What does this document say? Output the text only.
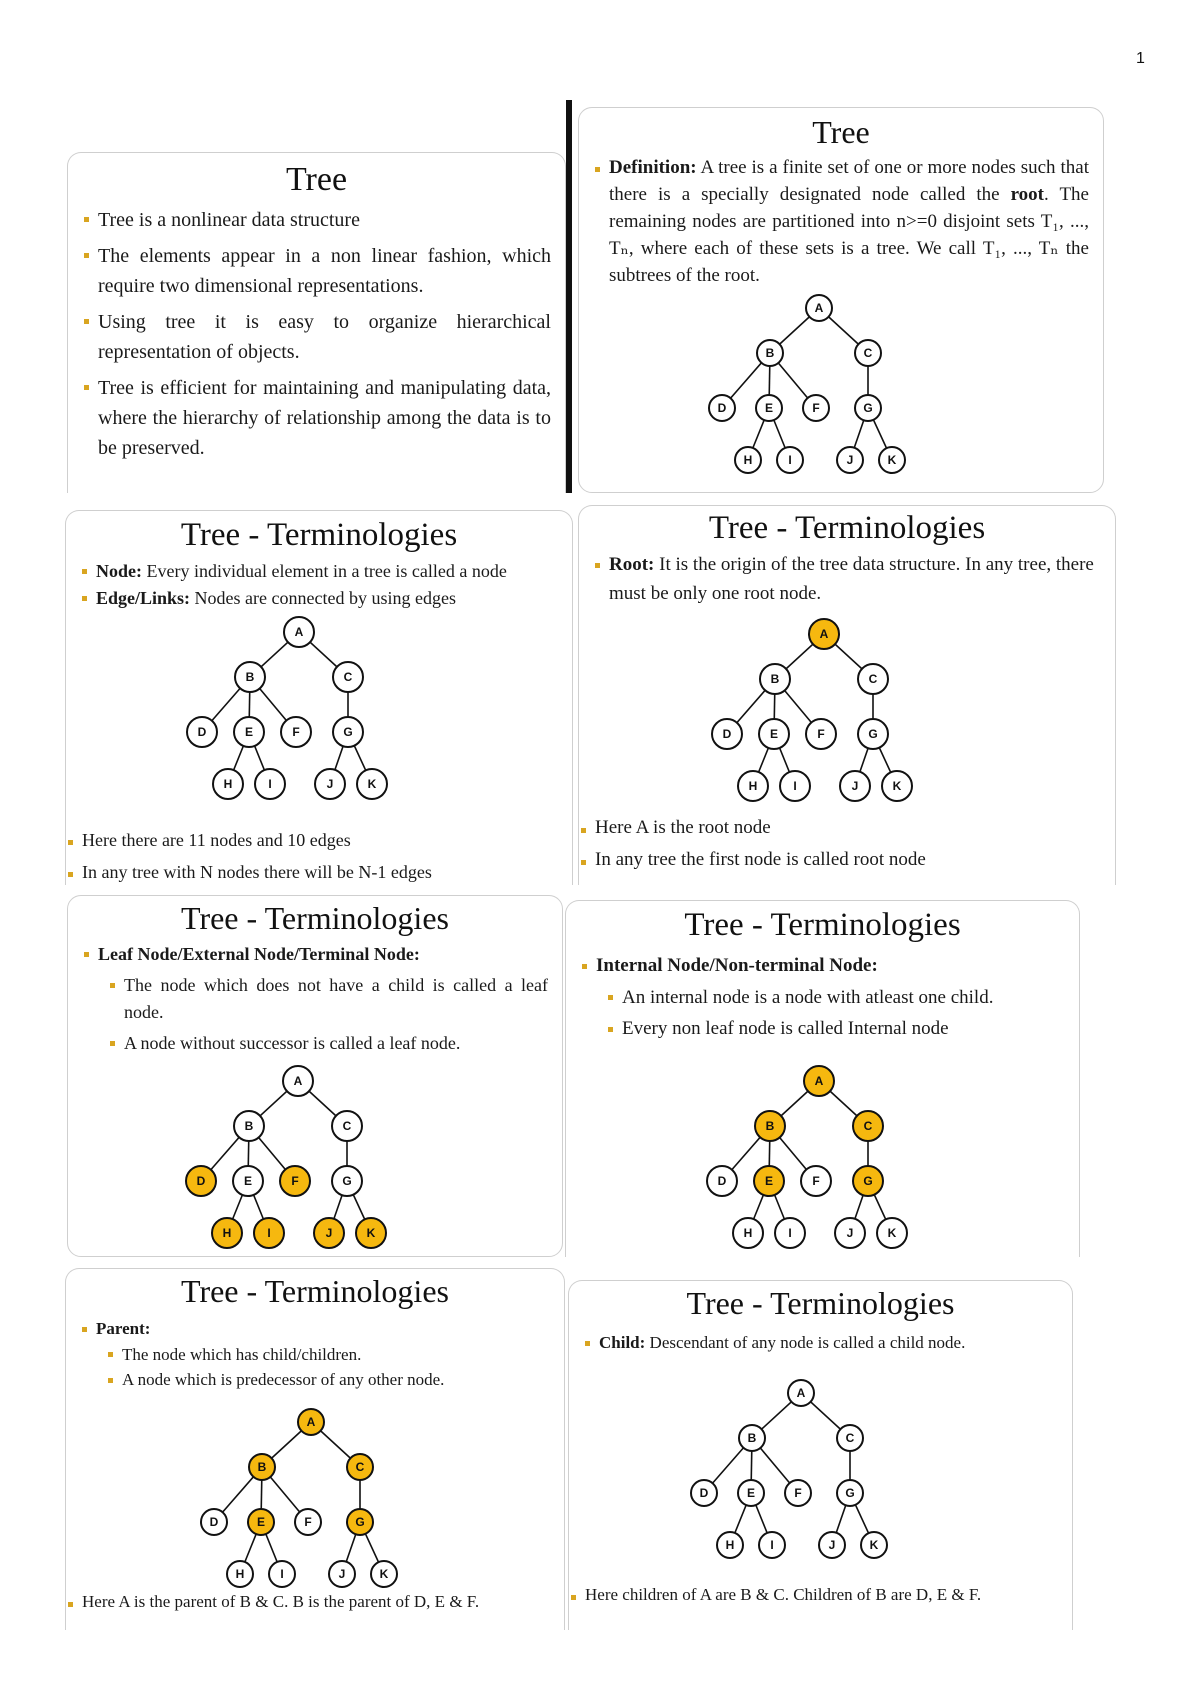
1
Tree
Tree is a nonlinear data structure
The elements appear in a non linear fashion, which require two dimensional representations.
Using tree it is easy to organize hierarchical representation of objects.
Tree is efficient for maintaining and manipulating data, where the hierarchy of relationship among the data is to be preserved.
Tree
Definition: A tree is a finite set of one or more nodes such that there is a specially designated node called the root. The remaining nodes are partitioned into n>=0 disjoint sets T₁, ..., Tₙ, where each of these sets is a tree. We call T₁, ..., Tₙ the subtrees of the root.
A
B	C
D	E	F	G
H	I	J	K
Tree - Terminologies
Node: Every individual element in a tree is called a node
Edge/Links: Nodes are connected by using edges
A
B	C
D	E	F	G
H	I	J	K
Here there are 11 nodes and 10 edges
In any tree with N nodes there will be N-1 edges
Tree - Terminologies
Root: It is the origin of the tree data structure. In any tree, there must be only one root node.
A
B	C
D	E	F	G
H	I	J	K
Here A is the root node
In any tree the first node is called root node
Tree - Terminologies
Leaf Node/External Node/Terminal Node:
The node which does not have a child is called a leaf node.
A node without successor is called a leaf node.
A
B	C
D	E	F	G
H	I	J	K
Tree - Terminologies
Internal Node/Non-terminal Node:
An internal node is a node with atleast one child.
Every non leaf node is called Internal node
A
B	C
D	E	F	G
H	I	J	K
Tree - Terminologies
Parent:
The node which has child/children.
A node which is predecessor of any other node.
A
B	C
D	E	F	G
H	I	J	K
Here A is the parent of B & C. B is the parent of D, E & F.
Tree - Terminologies
Child: Descendant of any node is called a child node.
A
B	C
D	E	F	G
H	I	J	K
Here children of A are B & C. Children of B are D, E & F.
